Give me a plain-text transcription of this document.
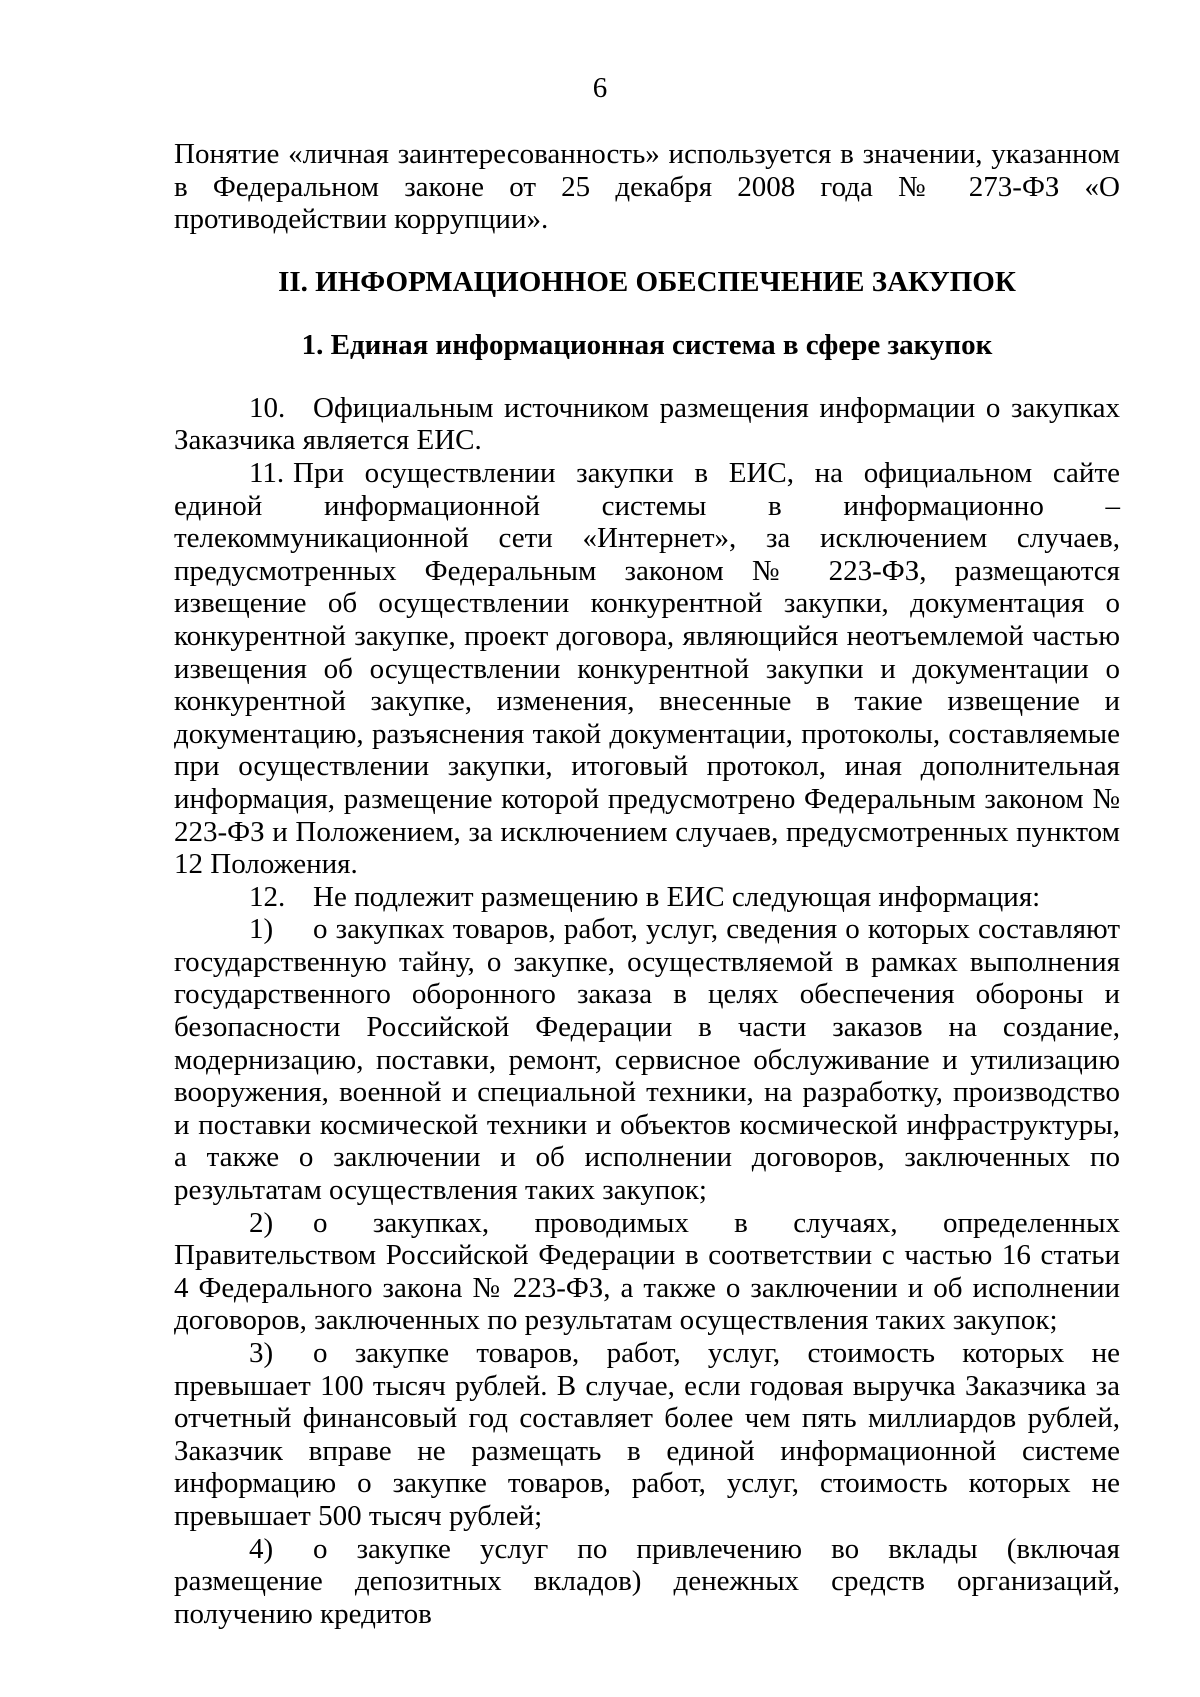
6

Понятие «личная заинтересованность» используется в значении, указанном в Федеральном законе от 25 декабря 2008 года № 273-ФЗ «О противодействии коррупции».

II. ИНФОРМАЦИОННОЕ ОБЕСПЕЧЕНИЕ ЗАКУПОК
1. Единая информационная система в сфере закупок

10. Официальным источником размещения информации о закупках Заказчика является ЕИС.

11. При осуществлении закупки в ЕИС, на официальном сайте единой информационной системы в информационно – телекоммуникационной сети «Интернет», за исключением случаев, предусмотренных Федеральным законом № 223-ФЗ, размещаются извещение об осуществлении конкурентной закупки, документация о конкурентной закупке, проект договора, являющийся неотъемлемой частью извещения об осуществлении конкурентной закупки и документации о конкурентной закупке, изменения, внесенные в такие извещение и документацию, разъяснения такой документации, протоколы, составляемые при осуществлении закупки, итоговый протокол, иная дополнительная информация, размещение которой предусмотрено Федеральным законом № 223-ФЗ и Положением, за исключением случаев, предусмотренных пунктом 12 Положения.

12. Не подлежит размещению в ЕИС следующая информация:

1) о закупках товаров, работ, услуг, сведения о которых составляют государственную тайну, о закупке, осуществляемой в рамках выполнения государственного оборонного заказа в целях обеспечения обороны и безопасности Российской Федерации в части заказов на создание, модернизацию, поставки, ремонт, сервисное обслуживание и утилизацию вооружения, военной и специальной техники, на разработку, производство и поставки космической техники и объектов космической инфраструктуры, а также о заключении и об исполнении договоров, заключенных по результатам осуществления таких закупок;

2) о закупках, проводимых в случаях, определенных Правительством Российской Федерации в соответствии с частью 16 статьи 4 Федерального закона № 223-ФЗ, а также о заключении и об исполнении договоров, заключенных по результатам осуществления таких закупок;

3) о закупке товаров, работ, услуг, стоимость которых не превышает 100 тысяч рублей. В случае, если годовая выручка Заказчика за отчетный финансовый год составляет более чем пять миллиардов рублей, Заказчик вправе не размещать в единой информационной системе информацию о закупке товаров, работ, услуг, стоимость которых не превышает 500 тысяч рублей;

4) о закупке услуг по привлечению во вклады (включая размещение депозитных вкладов) денежных средств организаций, получению кредитов
